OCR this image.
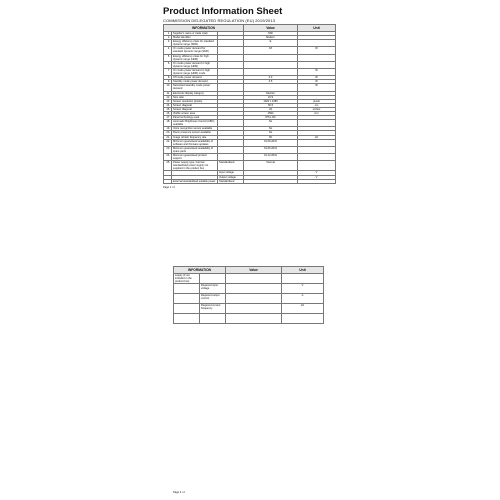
Product Information Sheet
COMMISSION DELEGATED REGULATION (EU) 2019/2013
INFORMATION			Value	Unit
1.	Supplier's name or trade mark		MSI	
2.	Model identifier		Modern	
3.	Energy efficiency class for standard dynamic range (SDR)		E	
4.	On mode power demand for standard dynamic range (SDR)		18	W
5.	Energy efficiency class for high dynamic range (HDR)			
6.	On mode power demand in high dynamic range (HDR)			
7.	On mode power demand in high dynamic range (HDR) mode			W
8.	Off mode power demand		0.3	W
9.	Standby mode power demand		0.5	W
10.	Networked standby mode power demand			W
11.	Electronic display category		Monitor	
12.	Size ratio		16:9	
13.	Screen resolution (pixels)		1920 x 1080	pixels
14.	Screen diagonal		60.5	cm
15.	Screen diagonal		24	inches
16.	Visible screen area		1594	cm²
17.	Panel technology used		IPS LCD	
18.	Automatic Brightness Control (ABC) available		No	
19.	Voice recognition sensor available		No	
20.	Room presence sensor available		No	
21.	Image refresh frequency rate		60	Hz
22.	Minimum guaranteed availability of software and firmware updates		01.06.2031	
23.	Minimum guaranteed availability of spare parts		01.06.2031	
24.	Minimum guaranteed product support		01.12.2031	
25.	Power supply type: Internal standardised power supply not supplied in the product box	Standardised	Internal	
		Input voltage		V
		Output voltage		V
	External standardised suitable power	Standardised		
Page 1 / 2
INFORMATION		Value	Unit
supply (if not included in the product box)			
	Required input voltage		V
	Required output current		A
	Required current frequency		Hz

Page 2 / 2
